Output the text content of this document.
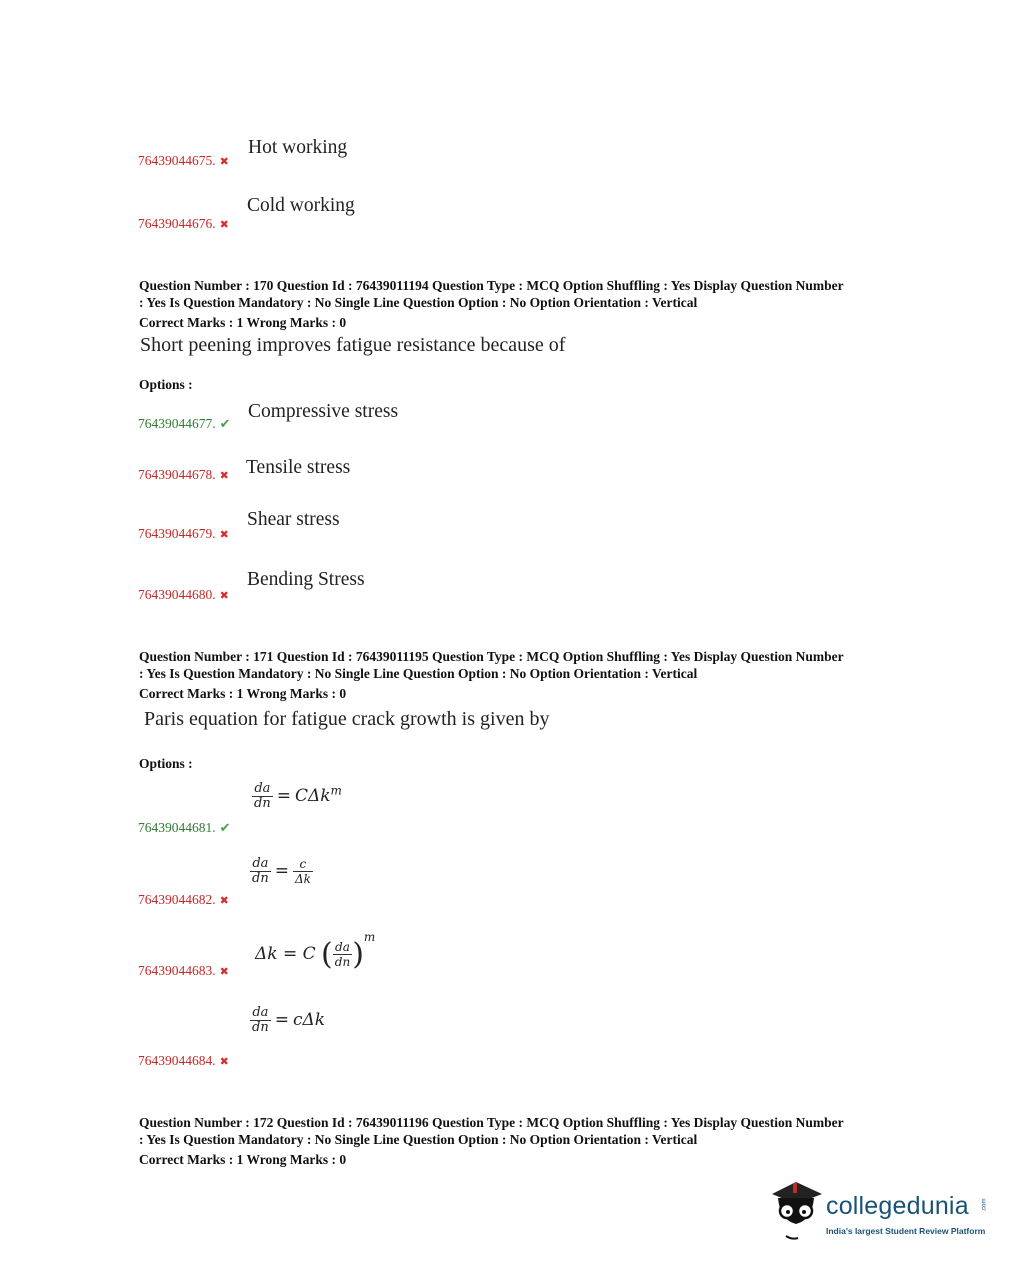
Hot working
76439044675. ✖
Cold working
76439044676. ✖
Question Number : 170 Question Id : 76439011194 Question Type : MCQ Option Shuffling : Yes Display Question Number
: Yes Is Question Mandatory : No Single Line Question Option : No Option Orientation : Vertical
Correct Marks : 1 Wrong Marks : 0
Short peening improves fatigue resistance because of
Options :
Compressive stress
76439044677. ✔
Tensile stress
76439044678. ✖
Shear stress
76439044679. ✖
Bending Stress
76439044680. ✖
Question Number : 171 Question Id : 76439011195 Question Type : MCQ Option Shuffling : Yes Display Question Number
: Yes Is Question Mandatory : No Single Line Question Option : No Option Orientation : Vertical
Correct Marks : 1 Wrong Marks : 0
Paris equation for fatigue crack growth is given by
Options :
$\frac{da}{dn} = C\Delta k^m$
76439044681. ✔
$\frac{da}{dn} = \frac{c}{\Delta k}$
76439044682. ✖
Δk = C ( $\frac{da}{dn} )^m$
76439044683. ✖
$\frac{da}{dn} = c\Delta k$
76439044684. ✖
Question Number : 172 Question Id : 76439011196 Question Type : MCQ Option Shuffling : Yes Display Question Number
: Yes Is Question Mandatory : No Single Line Question Option : No Option Orientation : Vertical
Correct Marks : 1 Wrong Marks : 0
collegedunia .com
India's largest Student Review Platform
